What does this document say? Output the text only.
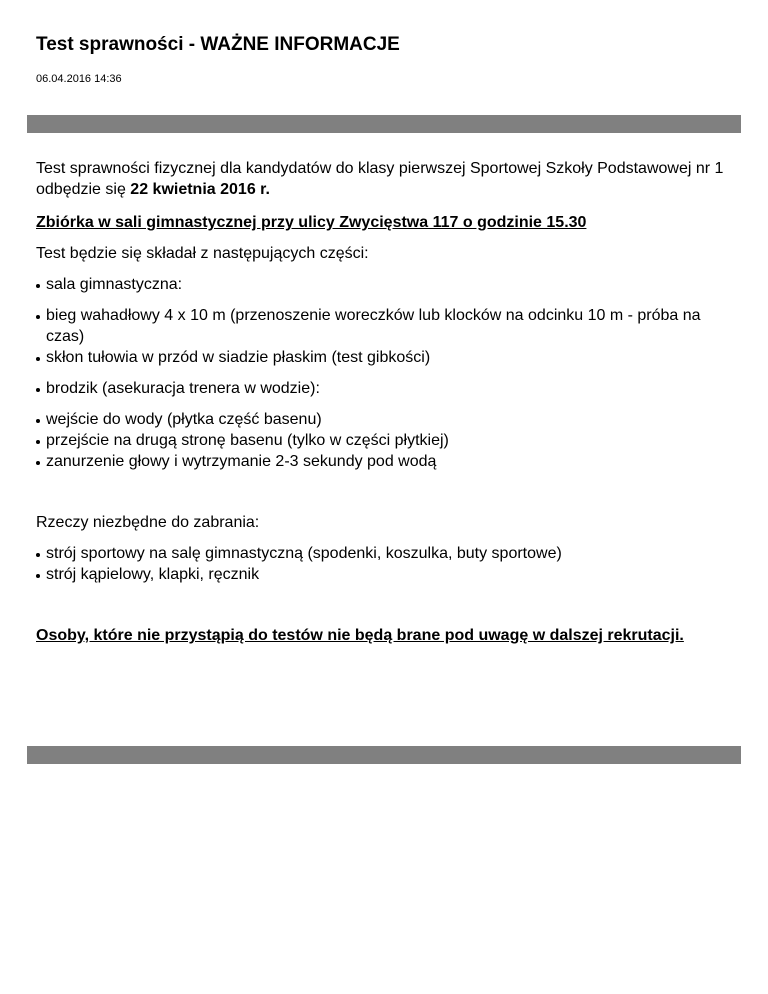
Test sprawności - WAŻNE INFORMACJE
06.04.2016 14:36

Test sprawności fizycznej dla kandydatów do klasy pierwszej Sportowej Szkoły Podstawowej nr 1 odbędzie się 22 kwietnia 2016 r.

Zbiórka w sali gimnastycznej przy ulicy Zwycięstwa 117 o godzinie 15.30

Test będzie się składał z następujących części:

sala gimnastyczna:
bieg wahadłowy 4 x 10 m (przenoszenie woreczków lub klocków na odcinku 10 m - próba na czas)
skłon tułowia w przód w siadzie płaskim (test gibkości)
brodzik (asekuracja trenera w wodzie):
wejście do wody (płytka część basenu)
przejście na drugą stronę basenu (tylko w części płytkiej)
zanurzenie głowy i wytrzymanie 2-3 sekundy pod wodą

Rzeczy niezbędne do zabrania:

strój sportowy na salę gimnastyczną (spodenki, koszulka, buty sportowe)
strój kąpielowy, klapki, ręcznik

Osoby, które nie przystąpią do testów nie będą brane pod uwagę w dalszej rekrutacji.
